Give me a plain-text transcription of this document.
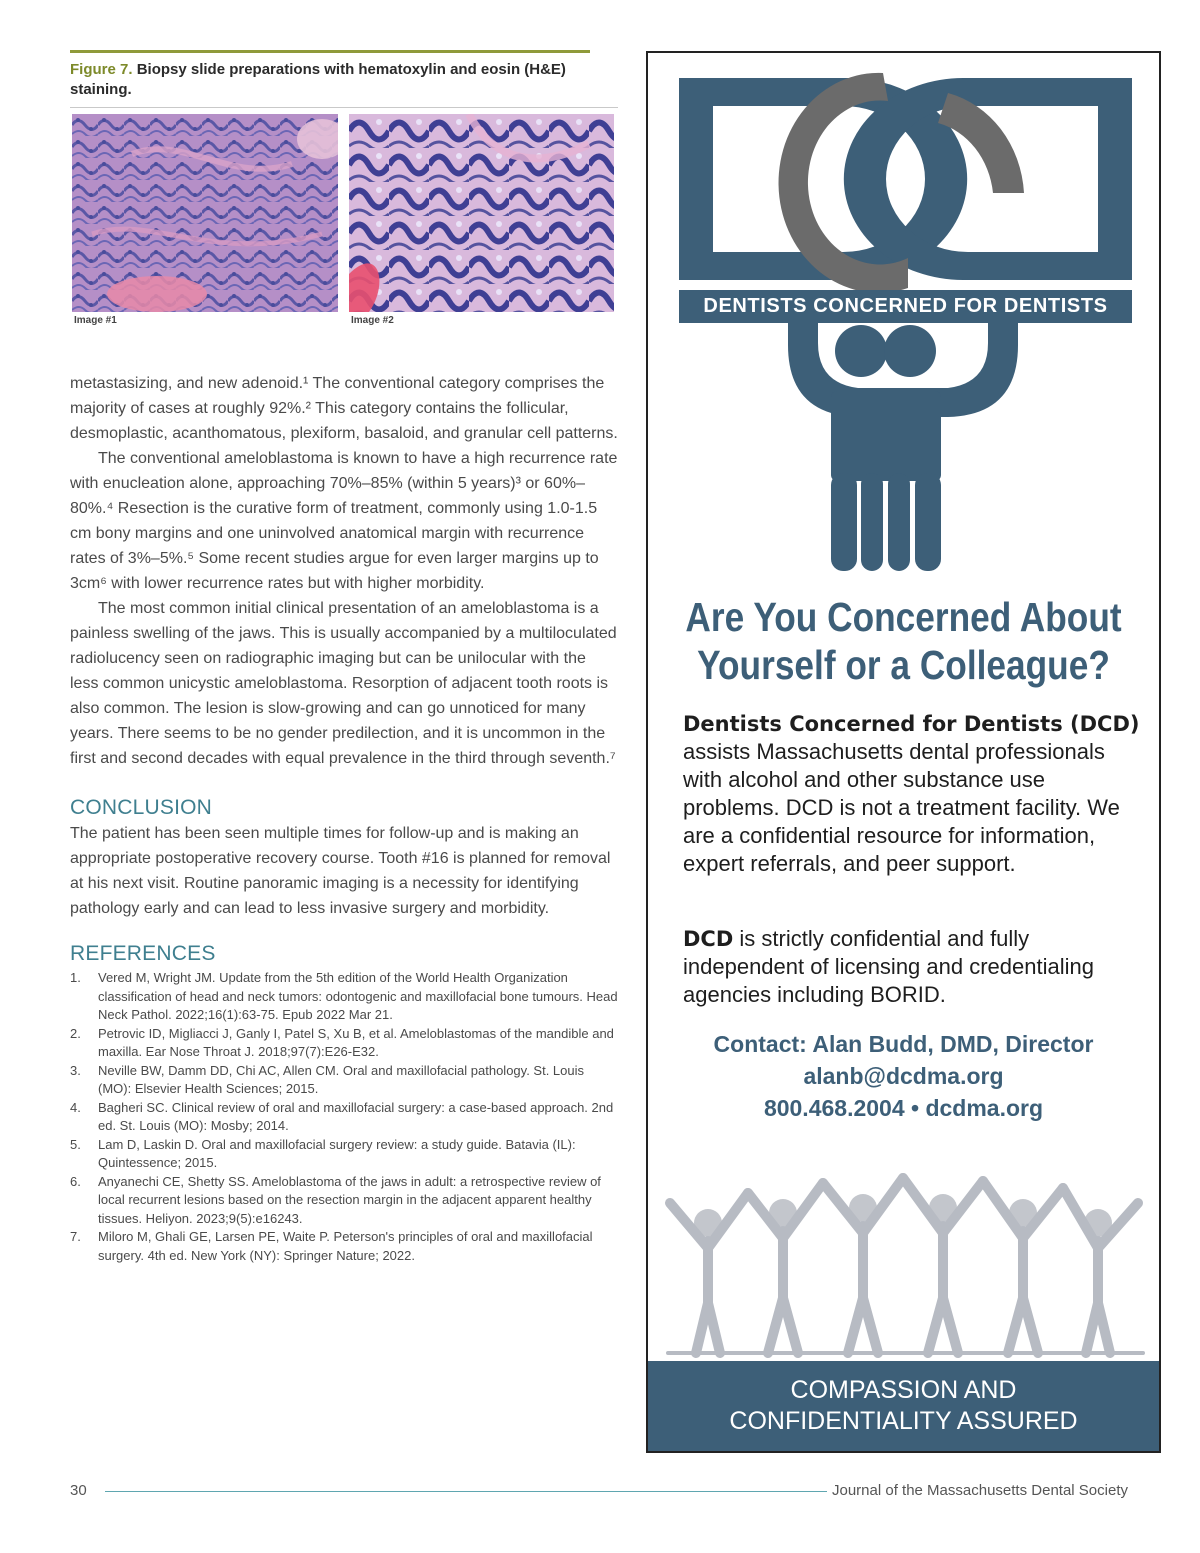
Figure 7. Biopsy slide preparations with hematoxylin and eosin (H&E) staining.
Image #1	Image #2

metastasizing, and new adenoid.¹ The conventional category comprises the majority of cases at roughly 92%.² This category contains the follicular, desmoplastic, acanthomatous, plexiform, basaloid, and granular cell patterns.

The conventional ameloblastoma is known to have a high recurrence rate with enucleation alone, approaching 70%–85% (within 5 years)³ or 60%–80%.⁴ Resection is the curative form of treatment, commonly using 1.0-1.5 cm bony margins and one uninvolved anatomical margin with recurrence rates of 3%–5%.⁵ Some recent studies argue for even larger margins up to 3cm⁶ with lower recurrence rates but with higher morbidity.

The most common initial clinical presentation of an ameloblastoma is a painless swelling of the jaws. This is usually accompanied by a multiloculated radiolucency seen on radiographic imaging but can be unilocular with the less common unicystic ameloblastoma. Resorption of adjacent tooth roots is also common. The lesion is slow-growing and can go unnoticed for many years. There seems to be no gender predilection, and it is uncommon in the first and second decades with equal prevalence in the third through seventh.⁷

CONCLUSION

The patient has been seen multiple times for follow-up and is making an appropriate postoperative recovery course. Tooth #16 is planned for removal at his next visit. Routine panoramic imaging is a necessity for identifying pathology early and can lead to less invasive surgery and morbidity.

REFERENCES
1. Vered M, Wright JM. Update from the 5th edition of the World Health Organization classification of head and neck tumors: odontogenic and maxillofacial bone tumours. Head Neck Pathol. 2022;16(1):63-75. Epub 2022 Mar 21.
2. Petrovic ID, Migliacci J, Ganly I, Patel S, Xu B, et al. Ameloblastomas of the mandible and maxilla. Ear Nose Throat J. 2018;97(7):E26-E32.
3. Neville BW, Damm DD, Chi AC, Allen CM. Oral and maxillofacial pathology. St. Louis (MO): Elsevier Health Sciences; 2015.
4. Bagheri SC. Clinical review of oral and maxillofacial surgery: a case-based approach. 2nd ed. St. Louis (MO): Mosby; 2014.
5. Lam D, Laskin D. Oral and maxillofacial surgery review: a study guide. Batavia (IL): Quintessence; 2015.
6. Anyanechi CE, Shetty SS. Ameloblastoma of the jaws in adult: a retrospective review of local recurrent lesions based on the resection margin in the adjacent apparent healthy tissues. Heliyon. 2023;9(5):e16243.
7. Miloro M, Ghali GE, Larsen PE, Waite P. Peterson's principles of oral and maxillofacial surgery. 4th ed. New York (NY): Springer Nature; 2022.
DENTISTS CONCERNED FOR DENTISTS
Are You Concerned About
Yourself or a Colleague?
Dentists Concerned for Dentists (DCD) assists Massachusetts dental professionals with alcohol and other substance use problems. DCD is not a treatment facility. We are a confidential resource for information, expert referrals, and peer support.
DCD is strictly confidential and fully independent of licensing and credentialing agencies including BORID.
Contact: Alan Budd, DMD, Director
alanb@dcdma.org
800.468.2004 • dcdma.org
COMPASSION AND
CONFIDENTIALITY ASSURED
30	Journal of the Massachusetts Dental Society
